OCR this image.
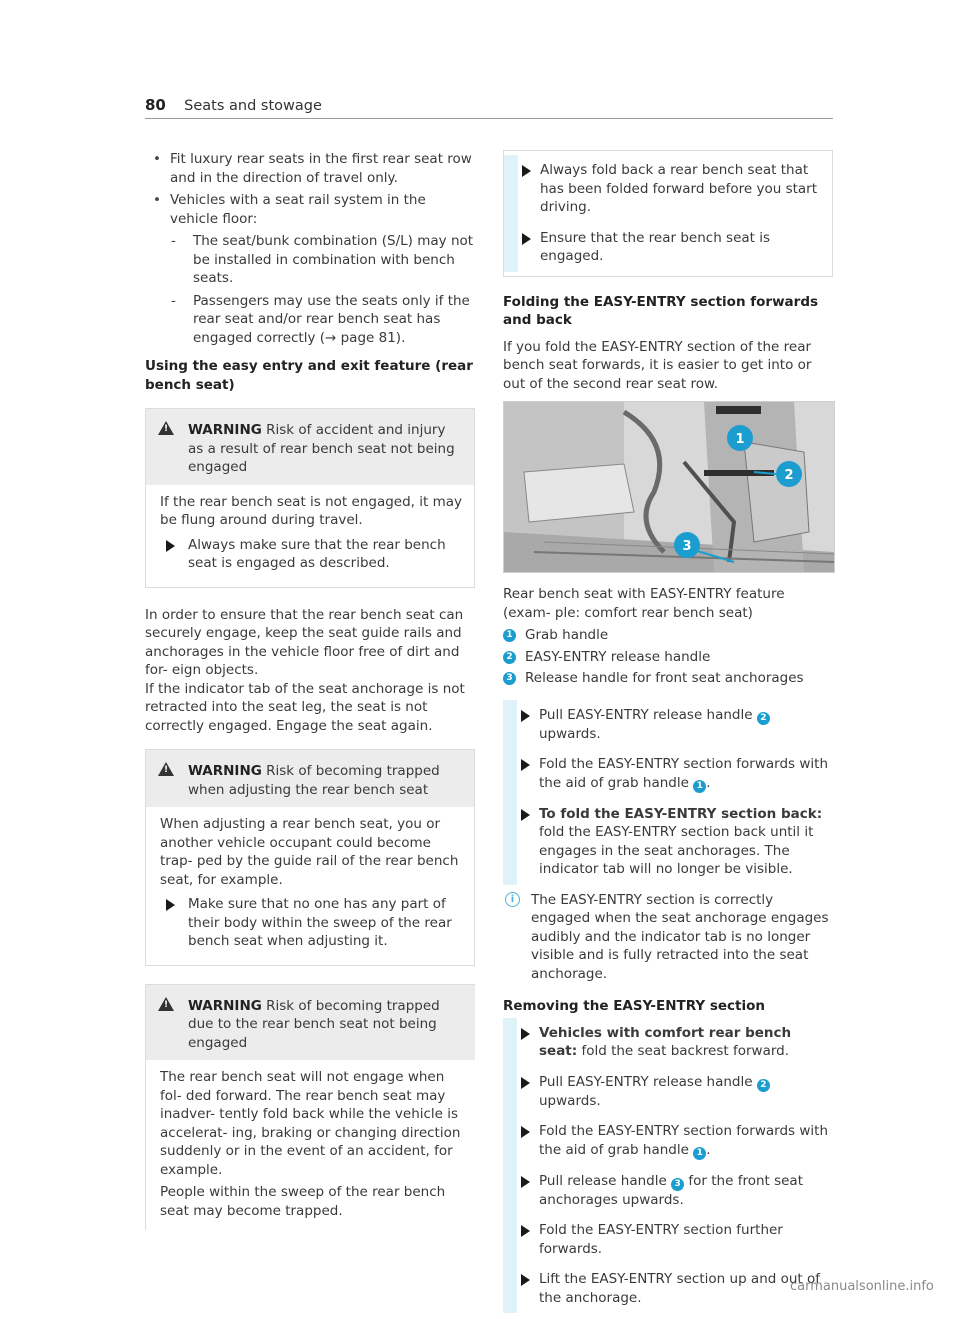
80 Seats and stowage

• Fit luxury rear seats in the first rear seat row and in the direction of travel only.

• Vehicles with a seat rail system in the vehicle floor:

- The seat/bunk combination (S/L) may not be installed in combination with bench seats.

- Passengers may use the seats only if the rear seat and/or rear bench seat has engaged correctly (→ page 81).

Using the easy entry and exit feature (rear bench seat)
! WARNING Risk of accident and injury as a result of rear bench seat not being engaged

If the rear bench seat is not engaged, it may be flung around during travel.

Always make sure that the rear bench seat is engaged as described.

In order to ensure that the rear bench seat can securely engage, keep the seat guide rails and anchorages in the vehicle floor free of dirt and for- eign objects.

If the indicator tab of the seat anchorage is not retracted into the seat leg, the seat is not correctly engaged. Engage the seat again.

! WARNING Risk of becoming trapped when adjusting the rear bench seat

When adjusting a rear bench seat, you or another vehicle occupant could become trap- ped by the guide rail of the rear bench seat, for example.

Make sure that no one has any part of their body within the sweep of the rear bench seat when adjusting it.
! WARNING Risk of becoming trapped due to the rear bench seat not being engaged

The rear bench seat will not engage when fol- ded forward. The rear bench seat may inadver- tently fold back while the vehicle is accelerat- ing, braking or changing direction suddenly or in the event of an accident, for example.

People within the sweep of the rear bench seat may become trapped.

Always fold back a rear bench seat that has been folded forward before you start driving.
Ensure that the rear bench seat is engaged.
Folding the EASY-ENTRY section forwards and back

If you fold the EASY-ENTRY section of the rear bench seat forwards, it is easier to get into or out of the second rear seat row.

1
2
3

Rear bench seat with EASY-ENTRY feature (exam- ple: comfort rear bench seat)

1 Grab handle
2 EASY-ENTRY release handle
3 Release handle for front seat anchorages
Pull EASY-ENTRY release handle 2 upwards.
Fold the EASY-ENTRY section forwards with the aid of grab handle 1 .
To fold the EASY-ENTRY section back: fold the EASY-ENTRY section back until it engages in the seat anchorages. The indicator tab will no longer be visible.
i	The EASY-ENTRY section is correctly engaged when the seat anchorage engages audibly and the indicator tab is no longer visible and is fully retracted into the seat anchorage.
Removing the EASY-ENTRY section
Vehicles with comfort rear bench seat: fold the seat backrest forward.
Pull EASY-ENTRY release handle 2 upwards.
Fold the EASY-ENTRY section forwards with the aid of grab handle 1 .
Pull release handle 3 for the front seat anchorages upwards.
Fold the EASY-ENTRY section further forwards.
Lift the EASY-ENTRY section up and out of the anchorage.
carmanualsonline.info
